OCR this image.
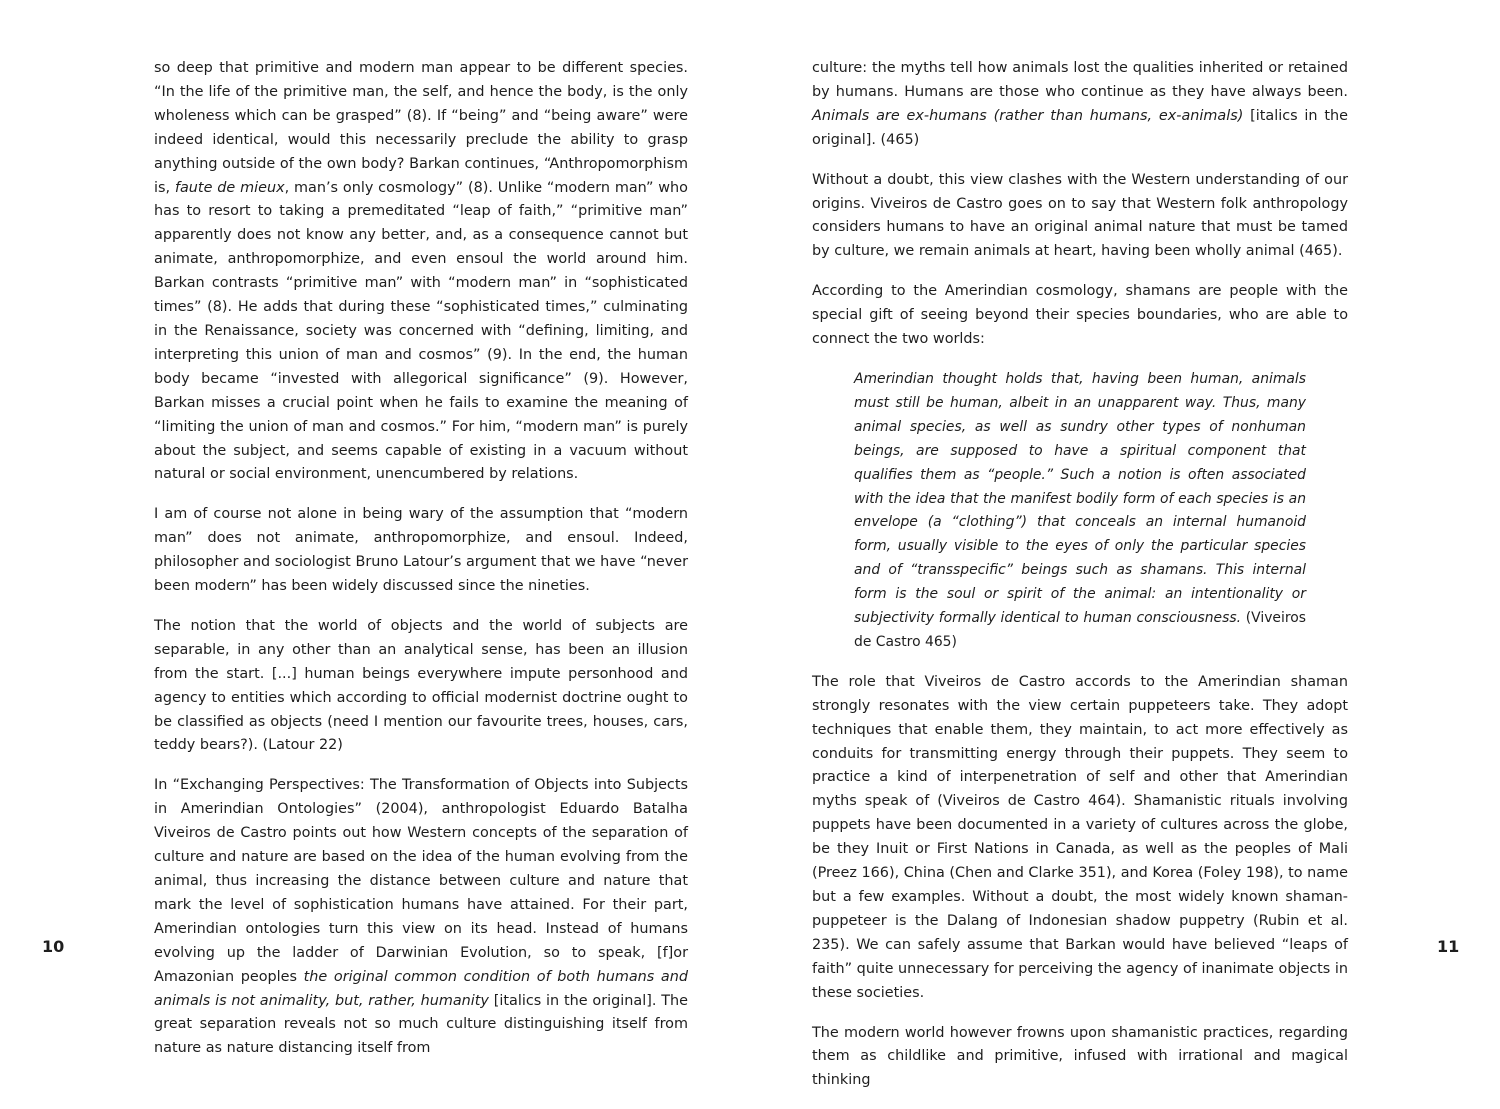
so deep that primitive and modern man appear to be different species. “In the life of the primitive man, the self, and hence the body, is the only wholeness which can be grasped” (8). If “being” and “being aware” were indeed identical, would this necessarily preclude the ability to grasp anything outside of the own body? Barkan continues, “Anthropomorphism is, faute de mieux, man’s only cosmology” (8). Unlike “modern man” who has to resort to taking a premeditated “leap of faith,” “primitive man” apparently does not know any better, and, as a consequence cannot but animate, anthropomorphize, and even ensoul the world around him. Barkan contrasts “primitive man” with “modern man” in “sophisticated times” (8). He adds that during these “sophisticated times,” culminating in the Renaissance, society was concerned with “defining, limiting, and interpreting this union of man and cosmos” (9). In the end, the human body became “invested with allegorical significance” (9). However, Barkan misses a crucial point when he fails to examine the meaning of “limiting the union of man and cosmos.” For him, “modern man” is purely about the subject, and seems capable of existing in a vacuum without natural or social environment, unencumbered by relations.

I am of course not alone in being wary of the assumption that “modern man” does not animate, anthropomorphize, and ensoul. Indeed, philosopher and sociologist Bruno Latour’s argument that we have “never been modern” has been widely discussed since the nineties.

The notion that the world of objects and the world of subjects are separable, in any other than an analytical sense, has been an illusion from the start. [...] human beings everywhere impute personhood and agency to entities which according to official modernist doctrine ought to be classified as objects (need I mention our favourite trees, houses, cars, teddy bears?). (Latour 22)

In “Exchanging Perspectives: The Transformation of Objects into Subjects in Amerindian Ontologies” (2004), anthropologist Eduardo Batalha Viveiros de Castro points out how Western concepts of the separation of culture and nature are based on the idea of the human evolving from the animal, thus increasing the distance between culture and nature that mark the level of sophistication humans have attained. For their part, Amerindian ontologies turn this view on its head. Instead of humans evolving up the ladder of Darwinian Evolution, so to speak, [f]or Amazonian peoples the original common condition of both humans and animals is not animality, but, rather, humanity [italics in the original]. The great separation reveals not so much culture distinguishing itself from nature as nature distancing itself from

10

culture: the myths tell how animals lost the qualities inherited or retained by humans. Humans are those who continue as they have always been. Animals are ex-humans (rather than humans, ex-animals) [italics in the original]. (465)

Without a doubt, this view clashes with the Western understanding of our origins. Viveiros de Castro goes on to say that Western folk anthropology considers humans to have an original animal nature that must be tamed by culture, we remain animals at heart, having been wholly animal (465).

According to the Amerindian cosmology, shamans are people with the special gift of seeing beyond their species boundaries, who are able to connect the two worlds:

Amerindian thought holds that, having been human, animals must still be human, albeit in an unapparent way. Thus, many animal species, as well as sundry other types of nonhuman beings, are supposed to have a spiritual component that qualifies them as “people.” Such a notion is often associated with the idea that the manifest bodily form of each species is an envelope (a “clothing”) that conceals an internal humanoid form, usually visible to the eyes of only the particular species and of “transspecific” beings such as shamans. This internal form is the soul or spirit of the animal: an intentionality or subjectivity formally identical to human consciousness. (Viveiros de Castro 465)

The role that Viveiros de Castro accords to the Amerindian shaman strongly resonates with the view certain puppeteers take. They adopt techniques that enable them, they maintain, to act more effectively as conduits for transmitting energy through their puppets. They seem to practice a kind of interpenetration of self and other that Amerindian myths speak of (Viveiros de Castro 464). Shamanistic rituals involving puppets have been documented in a variety of cultures across the globe, be they Inuit or First Nations in Canada, as well as the peoples of Mali (Preez 166), China (Chen and Clarke 351), and Korea (Foley 198), to name but a few examples. Without a doubt, the most widely known shaman-puppeteer is the Dalang of Indonesian shadow puppetry (Rubin et al. 235). We can safely assume that Barkan would have believed “leaps of faith” quite unnecessary for perceiving the agency of inanimate objects in these societies.

The modern world however frowns upon shamanistic practices, regarding them as childlike and primitive, infused with irrational and magical thinking

11
